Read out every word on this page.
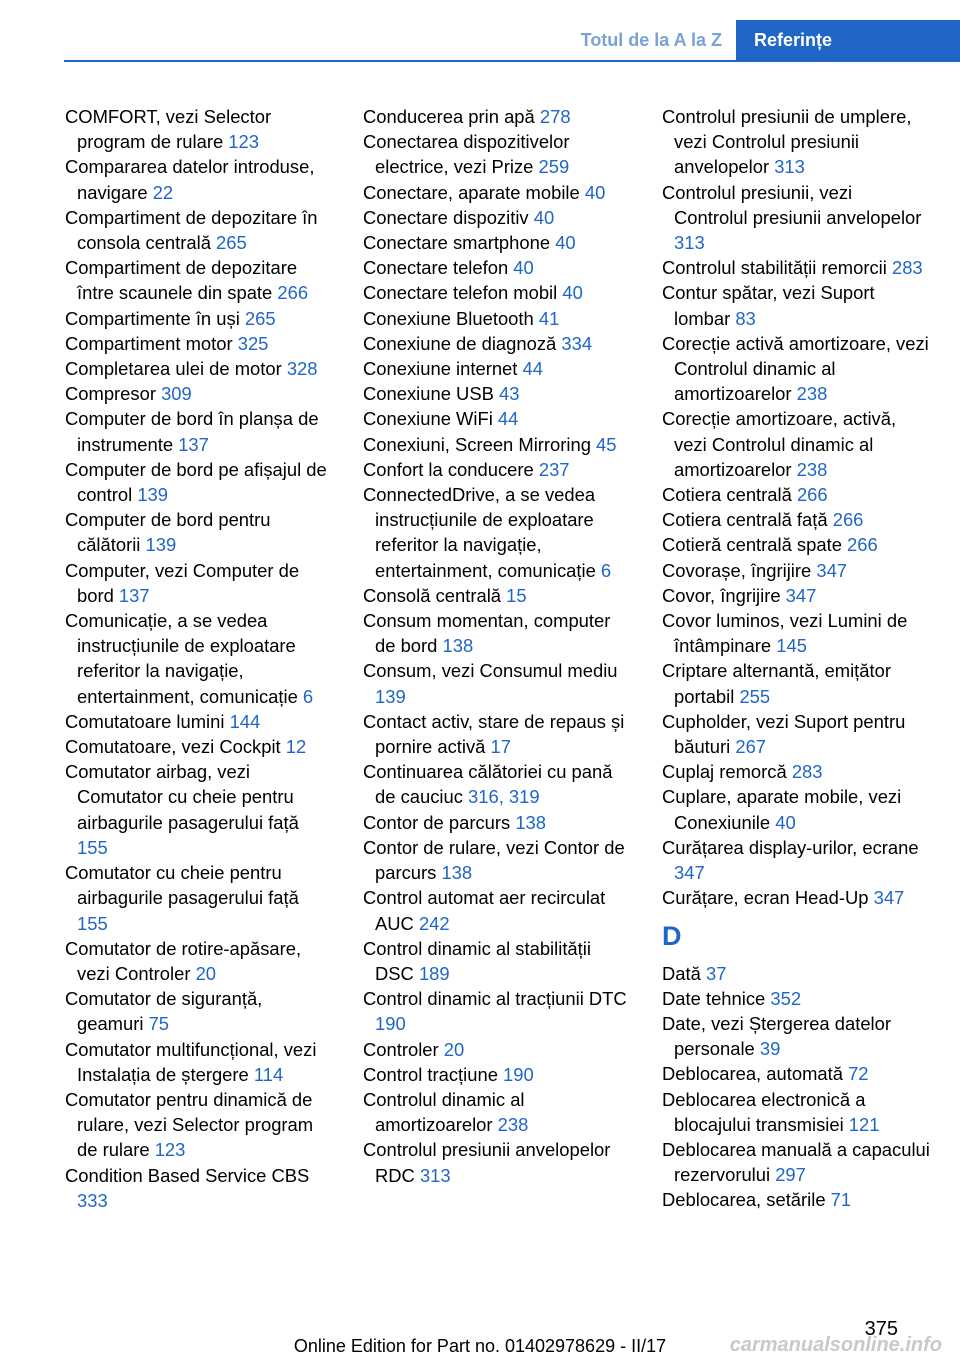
Totul de la A la Z	Referințe
COMFORT, vezi Selector program de rulare 123
Compararea datelor introduse, navigare 22
Compartiment de depozitare în consola centrală 265
Compartiment de depozitare între scaunele din spate 266
Compartimente în uși 265
Compartiment motor 325
Completarea ulei de motor 328
Compresor 309
Computer de bord în planșa de instrumente 137
Computer de bord pe afișajul de control 139
Computer de bord pentru călătorii 139
Computer, vezi Computer de bord 137
Comunicație, a se vedea instrucțiunile de exploatare referitor la navigație, entertainment, comunicație 6
Comutatoare lumini 144
Comutatoare, vezi Cockpit 12
Comutator airbag, vezi Comutator cu cheie pentru airbagurile pasagerului față 155
Comutator cu cheie pentru airbagurile pasagerului față 155
Comutator de rotire-apăsare, vezi Controler 20
Comutator de siguranță, geamuri 75
Comutator multifuncțional, vezi Instalația de ștergere 114
Comutator pentru dinamică de rulare, vezi Selector program de rulare 123
Condition Based Service CBS 333
Conducerea prin apă 278
Conectarea dispozitivelor electrice, vezi Prize 259
Conectare, aparate mobile 40
Conectare dispozitiv 40
Conectare smartphone 40
Conectare telefon 40
Conectare telefon mobil 40
Conexiune Bluetooth 41
Conexiune de diagnoză 334
Conexiune internet 44
Conexiune USB 43
Conexiune WiFi 44
Conexiuni, Screen Mirroring 45
Confort la conducere 237
ConnectedDrive, a se vedea instrucțiunile de exploatare referitor la navigație, entertainment, comunicație 6
Consolă centrală 15
Consum momentan, computer de bord 138
Consum, vezi Consumul mediu 139
Contact activ, stare de repaus și pornire activă 17
Continuarea călătoriei cu pană de cauciuc 316, 319
Contor de parcurs 138
Contor de rulare, vezi Contor de parcurs 138
Control automat aer recirculat AUC 242
Control dinamic al stabilității DSC 189
Control dinamic al tracțiunii DTC 190
Controler 20
Control tracțiune 190
Controlul dinamic al amortizoarelor 238
Controlul presiunii anvelopelor RDC 313
Controlul presiunii de umplere, vezi Controlul presiunii anvelopelor 313
Controlul presiunii, vezi Controlul presiunii anvelopelor 313
Controlul stabilității remorcii 283
Contur spătar, vezi Suport lombar 83
Corecție activă amortizoare, vezi Controlul dinamic al amortizoarelor 238
Corecție amortizoare, activă, vezi Controlul dinamic al amortizoarelor 238
Cotiera centrală 266
Cotiera centrală față 266
Cotieră centrală spate 266
Covorașe, îngrijire 347
Covor, îngrijire 347
Covor luminos, vezi Lumini de întâmpinare 145
Criptare alternantă, emițător portabil 255
Cupholder, vezi Suport pentru băuturi 267
Cuplaj remorcă 283
Cuplare, aparate mobile, vezi Conexiunile 40
Curățarea display-urilor, ecrane 347
Curățare, ecran Head-Up 347
D
Dată 37
Date tehnice 352
Date, vezi Ștergerea datelor personale 39
Deblocarea, automată 72
Deblocarea electronică a blocajului transmisiei 121
Deblocarea manuală a capacului rezervorului 297
Deblocarea, setările 71
375
Online Edition for Part no. 01402978629 - II/17	carmanualsonline.info
